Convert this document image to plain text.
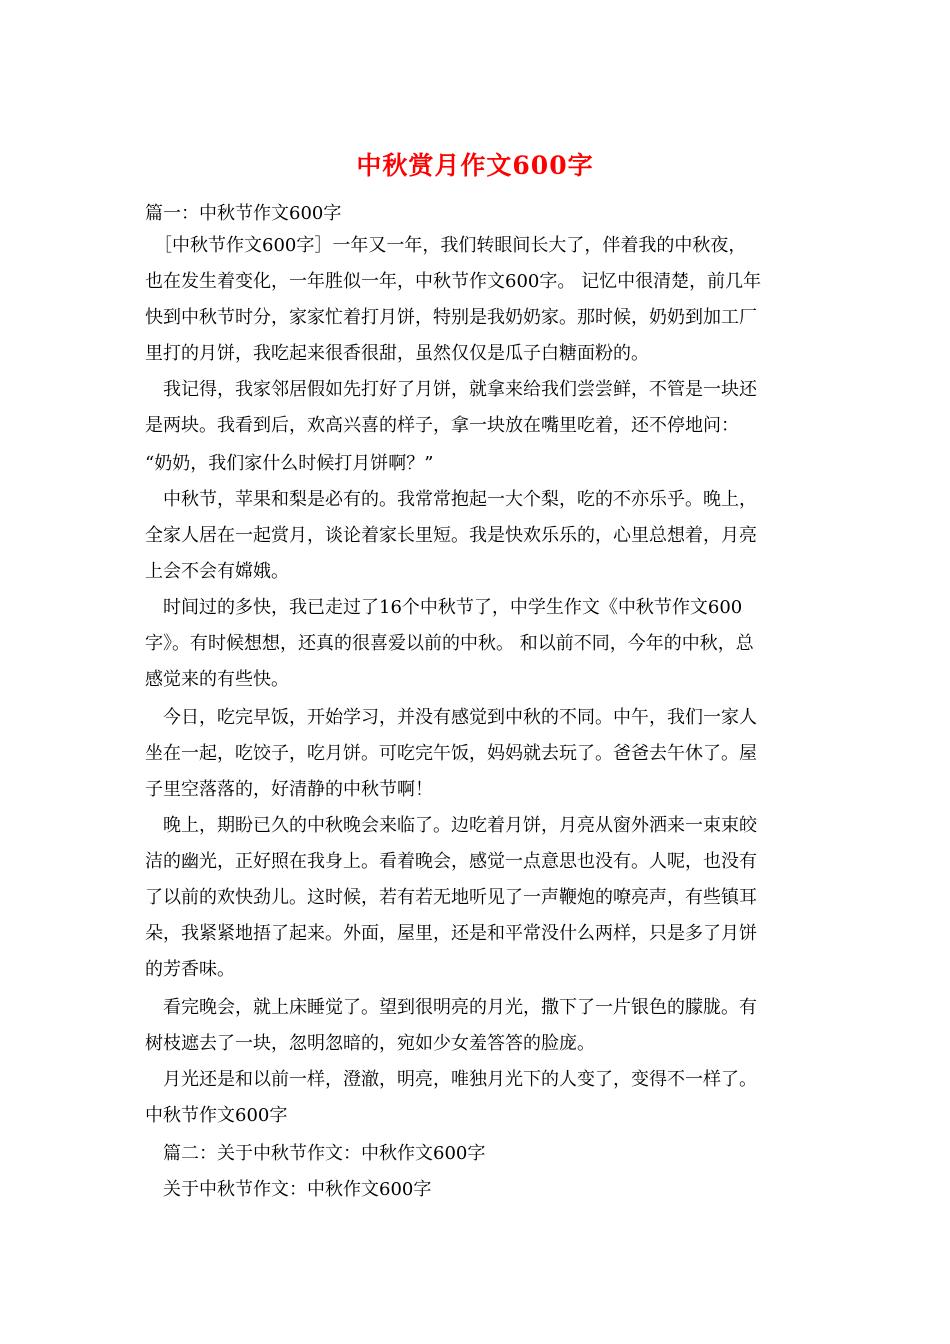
中秋赏月作文600字
篇一：中秋节作文600字
　［中秋节作文600字］一年又一年，我们转眼间长大了，伴着我的中秋夜，
也在发生着变化，一年胜似一年，中秋节作文600字。 记忆中很清楚，前几年
快到中秋节时分，家家忙着打月饼，特别是我奶奶家。那时候，奶奶到加工厂
里打的月饼，我吃起来很香很甜，虽然仅仅是瓜子白糖面粉的。
　我记得，我家邻居假如先打好了月饼，就拿来给我们尝尝鲜，不管是一块还
是两块。我看到后，欢高兴喜的样子，拿一块放在嘴里吃着，还不停地问：
“奶奶，我们家什么时候打月饼啊？”
　中秋节，苹果和梨是必有的。我常常抱起一大个梨，吃的不亦乐乎。晚上，
全家人居在一起赏月，谈论着家长里短。我是快欢乐乐的，心里总想着，月亮
上会不会有嫦娥。
　时间过的多快，我已走过了16个中秋节了，中学生作文《中秋节作文600
字》。有时候想想，还真的很喜爱以前的中秋。 和以前不同，今年的中秋，总
感觉来的有些快。
　今日，吃完早饭，开始学习，并没有感觉到中秋的不同。中午，我们一家人
坐在一起，吃饺子，吃月饼。可吃完午饭，妈妈就去玩了。爸爸去午休了。屋
子里空落落的，好清静的中秋节啊！
　晚上，期盼已久的中秋晚会来临了。边吃着月饼，月亮从窗外洒来一束束皎
洁的幽光，正好照在我身上。看着晚会，感觉一点意思也没有。人呢，也没有
了以前的欢快劲儿。这时候，若有若无地听见了一声鞭炮的嘹亮声，有些镇耳
朵，我紧紧地捂了起来。外面，屋里，还是和平常没什么两样，只是多了月饼
的芳香味。
　看完晚会，就上床睡觉了。望到很明亮的月光，撒下了一片银色的朦胧。有
树枝遮去了一块，忽明忽暗的，宛如少女羞答答的脸庞。
　月光还是和以前一样，澄澈，明亮，唯独月光下的人变了，变得不一样了。
中秋节作文600字
　篇二：关于中秋节作文：中秋作文600字
　关于中秋节作文：中秋作文600字
